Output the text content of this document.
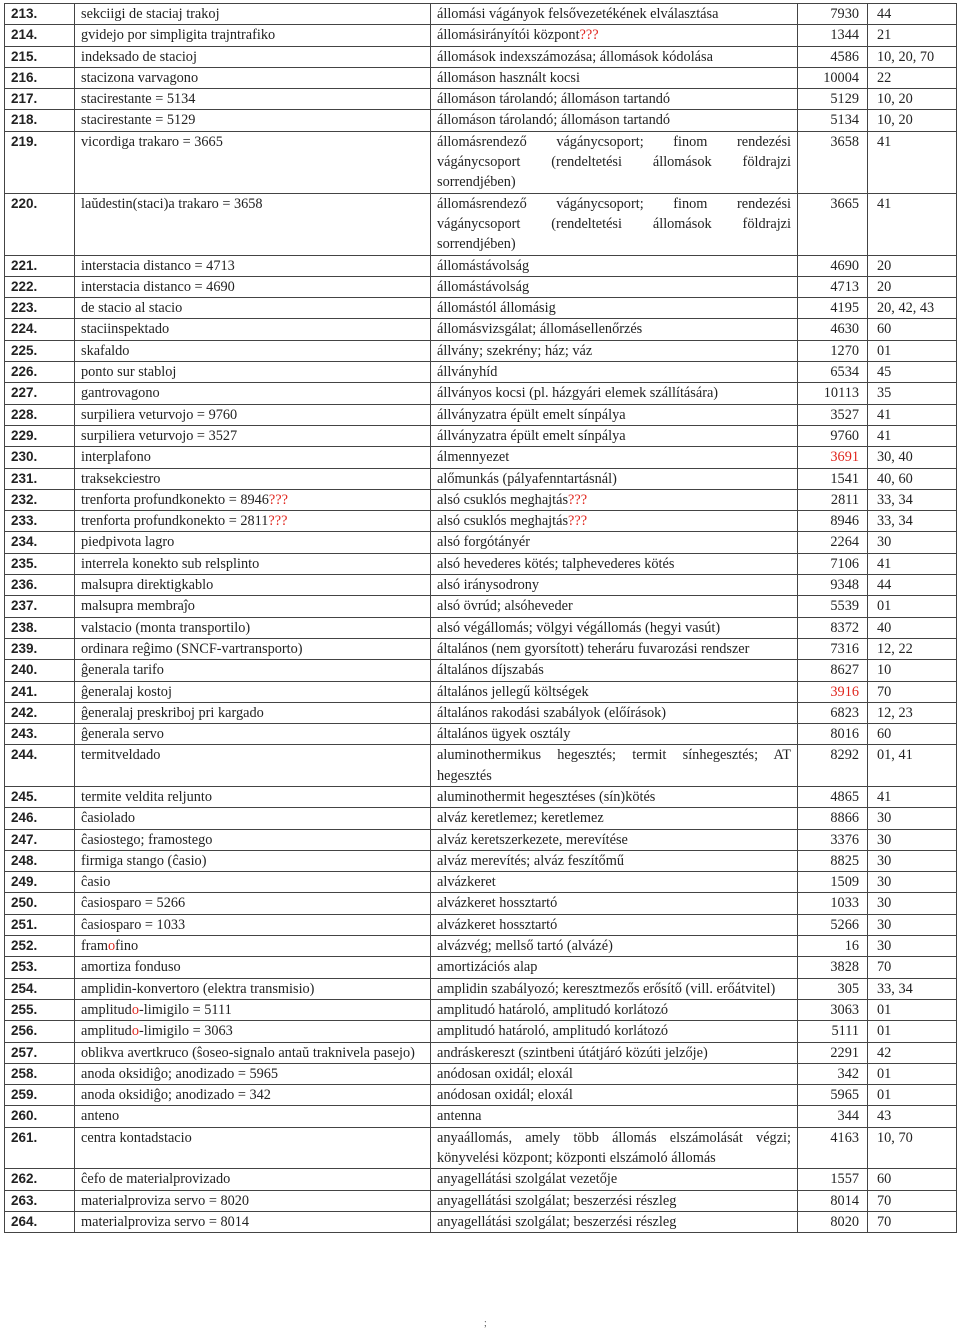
213.	sekciigi de staciaj trakoj	állomási vágányok felsővezetékének elválasztása	7930	44
214.	gvidejo por simpligita trajntrafiko	állomásirányítói központ???	1344	21
215.	indeksado de stacioj	állomások indexszámozása; állomások kódolása	4586	10, 20, 70
216.	stacizona varvagono	állomáson használt kocsi	10004	22
217.	stacirestante = 5134	állomáson tárolandó; állomáson tartandó	5129	10, 20
218.	stacirestante = 5129	állomáson tárolandó; állomáson tartandó	5134	10, 20
219.	vicordiga trakaro = 3665	állomásrendező vágánycsoport; finom rendezési vágánycsoport (rendeltetési állomások földrajzi sorrendjében)	3658	41
220.	laŭdestin(staci)a trakaro = 3658	állomásrendező vágánycsoport; finom rendezési vágánycsoport (rendeltetési állomások földrajzi sorrendjében)	3665	41
221.	interstacia distanco = 4713	állomástávolság	4690	20
222.	interstacia distanco = 4690	állomástávolság	4713	20
223.	de stacio al stacio	állomástól állomásig	4195	20, 42, 43
224.	staciinspektado	állomásvizsgálat; állomásellenőrzés	4630	60
225.	skafaldo	állvány; szekrény; ház; váz	1270	01
226.	ponto sur stabloj	állványhíd	6534	45
227.	gantrovagono	állványos kocsi (pl. házgyári elemek szállítására)	10113	35
228.	surpiliera veturvojo = 9760	állványzatra épült emelt sínpálya	3527	41
229.	surpiliera veturvojo = 3527	állványzatra épült emelt sínpálya	9760	41
230.	interplafono	álmennyezet	3691	30, 40
231.	traksekciestro	alőmunkás (pályafenntartásnál)	1541	40, 60
232.	trenforta profundkonekto = 8946???	alsó csuklós meghajtás???	2811	33, 34
233.	trenforta profundkonekto = 2811???	alsó csuklós meghajtás???	8946	33, 34
234.	piedpivota lagro	alsó forgótányér	2264	30
235.	interrela konekto sub relsplinto	alsó hevederes kötés; talphevederes kötés	7106	41
236.	malsupra direktigkablo	alsó iránysodrony	9348	44
237.	malsupra membraĵo	alsó övrúd; alsóheveder	5539	01
238.	valstacio (monta transportilo)	alsó végállomás; völgyi végállomás (hegyi vasút)	8372	40
239.	ordinara reĝimo (SNCF-vartransporto)	általános (nem gyorsított) teheráru fuvarozási rendszer	7316	12, 22
240.	ĝenerala tarifo	általános díjszabás	8627	10
241.	ĝeneralaj kostoj	általános jellegű költségek	3916	70
242.	ĝeneralaj preskriboj pri kargado	általános rakodási szabályok (előírások)	6823	12, 23
243.	ĝenerala servo	általános ügyek osztály	8016	60
244.	termitveldado	aluminothermikus hegesztés; termit sínhegesztés; AT hegesztés	8292	01, 41
245.	termite veldita reljunto	aluminothermit hegesztéses (sín)kötés	4865	41
246.	ĉasiolado	alváz keretlemez; keretlemez	8866	30
247.	ĉasiostego; framostego	alváz keretszerkezete, merevítése	3376	30
248.	firmiga stango (ĉasio)	alváz merevítés; alváz feszítőmű	8825	30
249.	ĉasio	alvázkeret	1509	30
250.	ĉasiosparo = 5266	alvázkeret hossztartó	1033	30
251.	ĉasiosparo = 1033	alvázkeret hossztartó	5266	30
252.	framofino	alvázvég; mellső tartó (alvázé)	16	30
253.	amortiza fonduso	amortizációs alap	3828	70
254.	amplidin-konvertoro (elektra transmisio)	amplidin szabályozó; keresztmezős erősítő (vill. erőátvitel)	305	33, 34
255.	amplitudo-limigilo = 5111	amplitudó határoló, amplitudó korlátozó	3063	01
256.	amplitudo-limigilo = 3063	amplitudó határoló, amplitudó korlátozó	5111	01
257.	oblikva avertkruco (ŝoseo-signalo antaŭ traknivela pasejo)	andráskereszt (szintbeni útátjáró közúti jelzője)	2291	42
258.	anoda oksidiĝo; anodizado = 5965	anódosan oxidál; eloxál	342	01
259.	anoda oksidiĝo; anodizado = 342	anódosan oxidál; eloxál	5965	01
260.	anteno	antenna	344	43
261.	centra kontadstacio	anyaállomás, amely több állomás elszámolását végzi; könyvelési központ; központi elszámoló állomás	4163	10, 70
262.	ĉefo de materialprovizado	anyagellátási szolgálat vezetője	1557	60
263.	materialproviza servo = 8020	anyagellátási szolgálat; beszerzési részleg	8014	70
264.	materialproviza servo = 8014	anyagellátási szolgálat; beszerzési részleg	8020	70
;
